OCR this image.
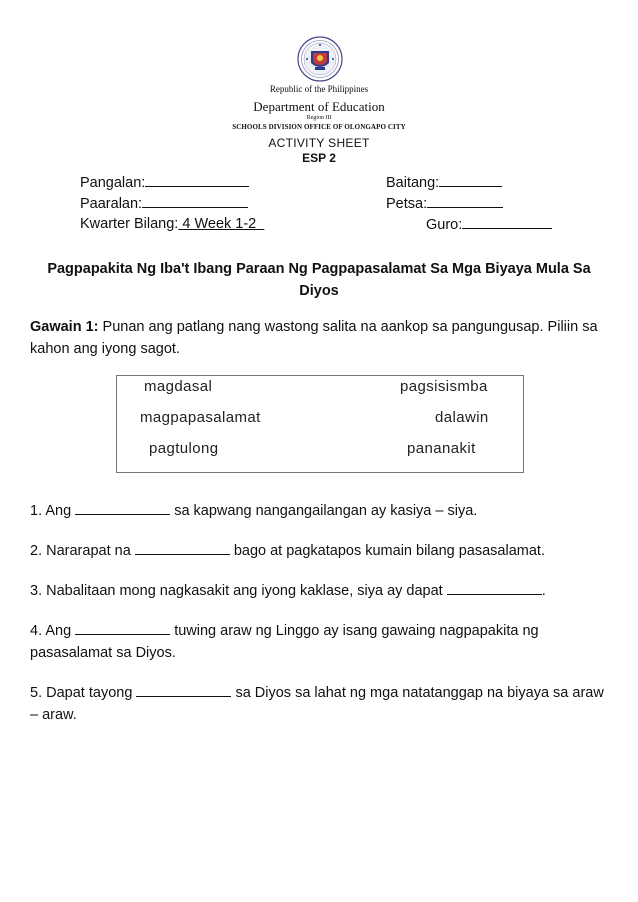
Republic of the Philippines
Department of Education
Region III
SCHOOLS DIVISION OFFICE OF OLONGAPO CITY
ACTIVITY SHEET
ESP 2
Pangalan:	Baitang:
Paaralan:	Petsa:
Kwarter Bilang: 4 Week 1-2	Guro:
Pagpapakita Ng Iba't Ibang Paraan Ng Pagpapasalamat Sa Mga Biyaya Mula Sa Diyos
Gawain 1: Punan ang patlang nang wastong salita na aankop sa pangungusap. Piliin sa kahon ang iyong sagot.
magdasal	pagsisismba
magpapasalamat	dalawin
pagtulong	pananakit
1. Ang	sa kapwang nangangailangan ay kasiya – siya.
2. Nararapat na	bago at pagkatapos kumain bilang pasasalamat.
3. Nabalitaan mong nagkasakit ang iyong kaklase, siya ay dapat	.
4. Ang	tuwing araw ng Linggo ay isang gawaing nagpapakita ng pasasalamat sa Diyos.
5. Dapat tayong	sa Diyos sa lahat ng mga natatanggap na biyaya sa araw – araw.
